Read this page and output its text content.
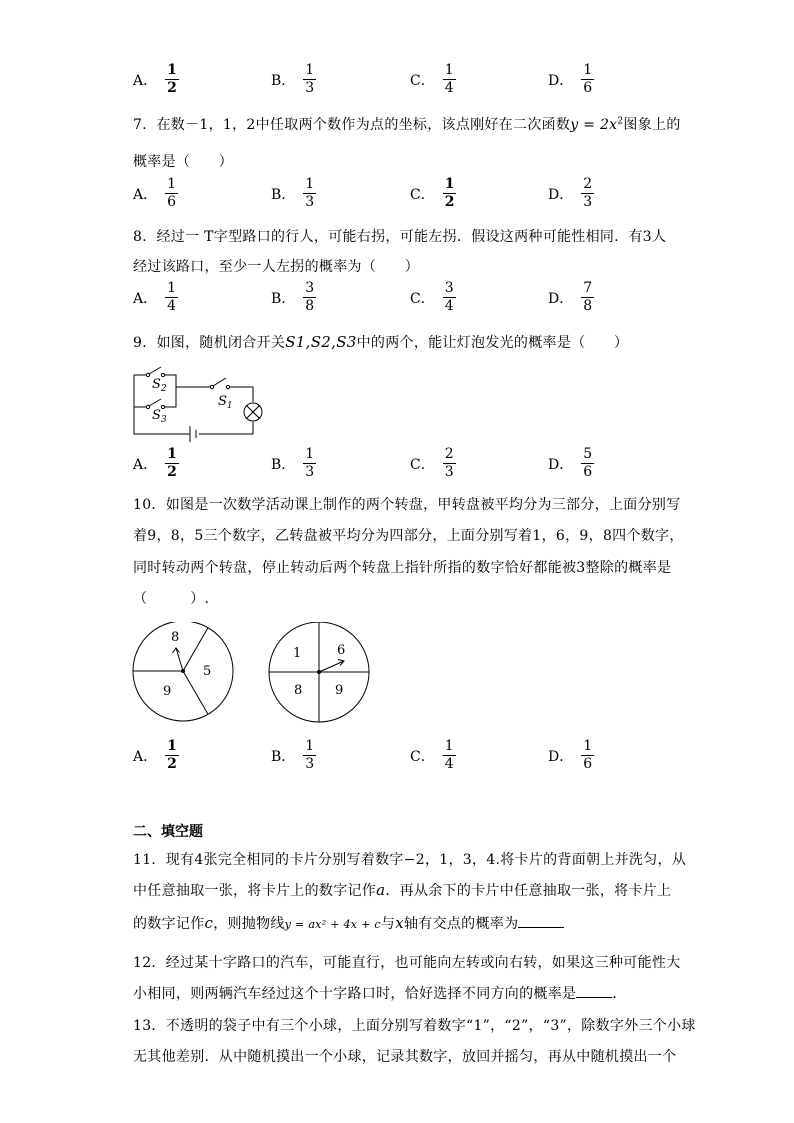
A． $\frac{1}{2}$	B． $\frac{1}{3}$	C． $\frac{1}{4}$	D． $\frac{1}{6}$
7．在数－1，1，2中任取两个数作为点的坐标，该点刚好在二次函数$y = 2x^2$图象上的
概率是（　　）
A． $\frac{1}{6}$	B． $\frac{1}{3}$	C． $\frac{1}{2}$	D． $\frac{2}{3}$
8．经过一 T字型路口的行人，可能右拐，可能左拐．假设这两种可能性相同．有3人
经过该路口，至少一人左拐的概率为（　　）
A． $\frac{1}{4}$	B． $\frac{3}{8}$	C． $\frac{3}{4}$	D． $\frac{7}{8}$
9．如图，随机闭合开关S1,S2,S3中的两个，能让灯泡发光的概率是（　　）
$S_2$
$S_3$
$S_1$
A． $\frac{1}{2}$	B． $\frac{1}{3}$	C． $\frac{2}{3}$	D． $\frac{5}{6}$
10．如图是一次数学活动课上制作的两个转盘，甲转盘被平均分为三部分，上面分别写
着9，8，5三个数字，乙转盘被平均分为四部分，上面分别写着1，6，9，8四个数字，
同时转动两个转盘，停止转动后两个转盘上指针所指的数字恰好都能被3整除的概率是
（　　　）.
8
5
9
1	6
8	9
A． $\frac{1}{2}$	B． $\frac{1}{3}$	C． $\frac{1}{4}$	D． $\frac{1}{6}$
二、填空题
11．现有4张完全相同的卡片分别写着数字−2，1，3，4.将卡片的背面朝上并洗匀，从
中任意抽取一张，将卡片上的数字记作a．再从余下的卡片中任意抽取一张，将卡片上
的数字记作c，则抛物线y = ax² + 4x + c与x轴有交点的概率为
12．经过某十字路口的汽车，可能直行，也可能向左转或向右转，如果这三种可能性大
小相同，则两辆汽车经过这个十字路口时，恰好选择不同方向的概率是	．
13．不透明的袋子中有三个小球，上面分别写着数字“1”，“2”，“3”，除数字外三个小球
无其他差别．从中随机摸出一个小球，记录其数字，放回并摇匀，再从中随机摸出一个
